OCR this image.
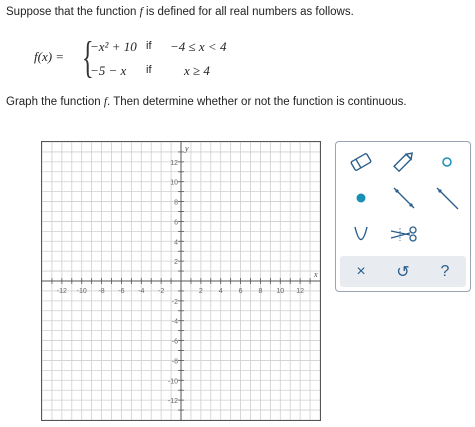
Suppose that the function f is defined for all real numbers as follows.
f(x) = {
−x² + 10 if −4 ≤ x < 4
−5 − x if	x ≥ 4
Graph the function f. Then determine whether or not the function is continuous.
-12 -10 -8 -6 -4 -2	2 4 6 8 10 12
12
10
8
6
4
2
-2
-4
-6
-8
-10
-12
x
y
× ↺ ?
